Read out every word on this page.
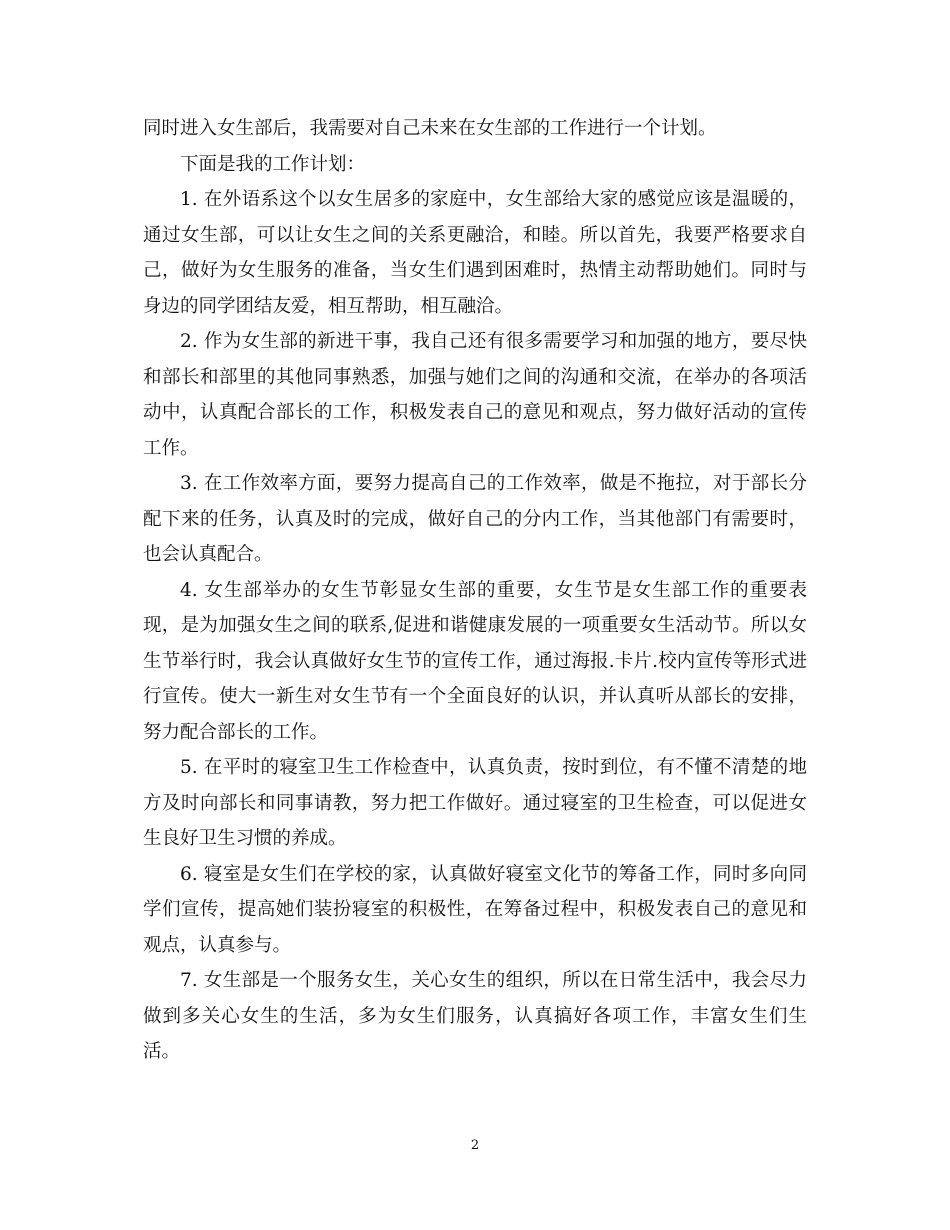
同时进入女生部后，我需要对自己未来在女生部的工作进行一个计划。

下面是我的工作计划：

1. 在外语系这个以女生居多的家庭中，女生部给大家的感觉应该是温暖的，通过女生部，可以让女生之间的关系更融洽，和睦。所以首先，我要严格要求自己，做好为女生服务的准备，当女生们遇到困难时，热情主动帮助她们。同时与身边的同学团结友爱，相互帮助，相互融洽。

2. 作为女生部的新进干事，我自己还有很多需要学习和加强的地方，要尽快和部长和部里的其他同事熟悉，加强与她们之间的沟通和交流，在举办的各项活动中，认真配合部长的工作，积极发表自己的意见和观点，努力做好活动的宣传工作。

3. 在工作效率方面，要努力提高自己的工作效率，做是不拖拉，对于部长分配下来的任务，认真及时的完成，做好自己的分内工作，当其他部门有需要时，也会认真配合。

4. 女生部举办的女生节彰显女生部的重要，女生节是女生部工作的重要表现，是为加强女生之间的联系,促进和谐健康发展的一项重要女生活动节。所以女生节举行时，我会认真做好女生节的宣传工作，通过海报.卡片.校内宣传等形式进行宣传。使大一新生对女生节有一个全面良好的认识，并认真听从部长的安排，努力配合部长的工作。

5. 在平时的寝室卫生工作检查中，认真负责，按时到位，有不懂不清楚的地方及时向部长和同事请教，努力把工作做好。通过寝室的卫生检查，可以促进女生良好卫生习惯的养成。

6. 寝室是女生们在学校的家，认真做好寝室文化节的筹备工作，同时多向同学们宣传，提高她们装扮寝室的积极性，在筹备过程中，积极发表自己的意见和观点，认真参与。

7. 女生部是一个服务女生，关心女生的组织，所以在日常生活中，我会尽力做到多关心女生的生活，多为女生们服务，认真搞好各项工作，丰富女生们生活。

2
